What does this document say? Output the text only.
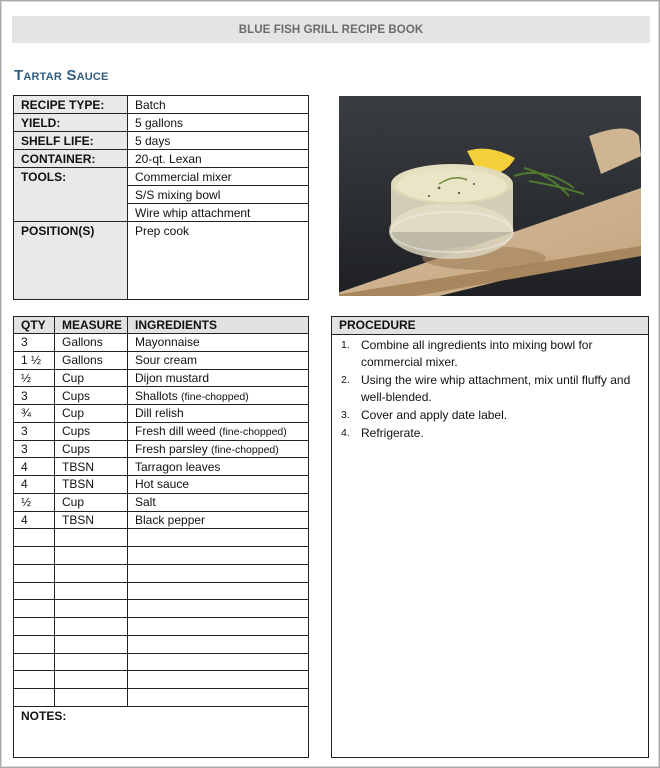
BLUE FISH GRILL RECIPE BOOK
Tartar Sauce
RECIPE TYPE:	Batch
YIELD:	5 gallons
SHELF LIFE:	5 days
CONTAINER:	20-qt. Lexan
TOOLS:	Commercial mixer
	S/S mixing bowl
	Wire whip attachment
POSITION(S)	Prep cook
QTY	MEASURE	INGREDIENTS
3	Gallons	Mayonnaise
1 ½	Gallons	Sour cream
½	Cup	Dijon mustard
3	Cups	Shallots (fine-chopped)
¾	Cup	Dill relish
3	Cups	Fresh dill weed (fine-chopped)
3	Cups	Fresh parsley (fine-chopped)
4	TBSN	Tarragon leaves
4	TBSN	Hot sauce
½	Cup	Salt
4	TBSN	Black pepper

NOTES:		
PROCEDURE
1. Combine all ingredients into mixing bowl for commercial mixer.
2. Using the wire whip attachment, mix until fluffy and well-blended.
3. Cover and apply date label.
4. Refrigerate.
